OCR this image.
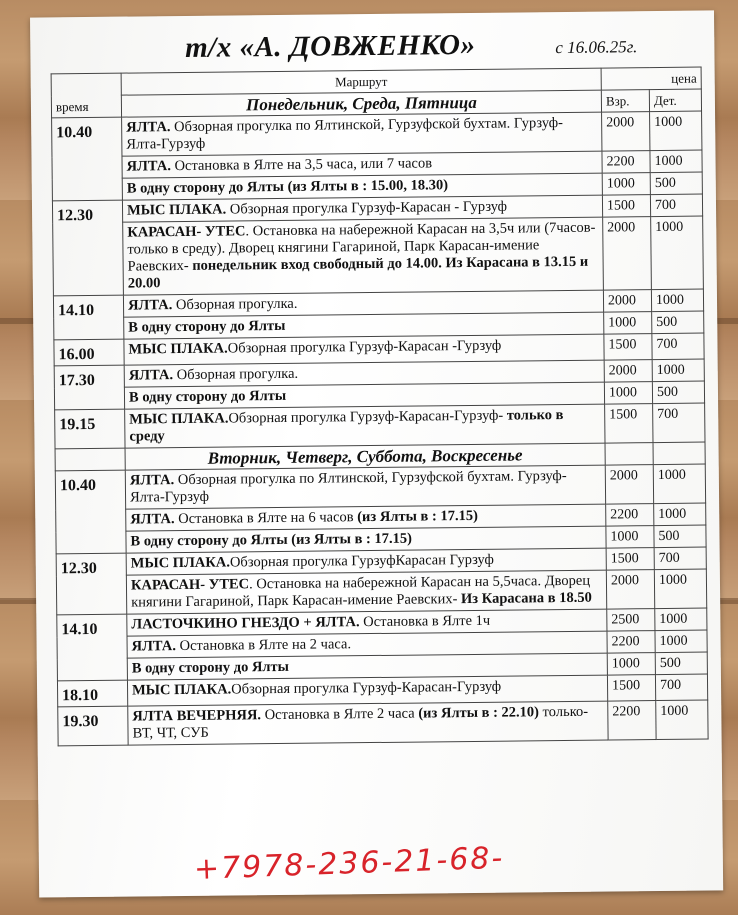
т/х «А. ДОВЖЕНКО»	с 16.06.25г.
время	Маршрут	цена	
	Понедельник, Среда, Пятница	Взр.	Дет.
10.40	ЯЛТА. Обзорная прогулка по Ялтинской, Гурзуфской бухтам. Гурзуф-Ялта-Гурзуф	2000	1000
	ЯЛТА. Остановка в Ялте на 3,5 часа, или 7 часов	2200	1000
	В одну сторону до Ялты (из Ялты в : 15.00, 18.30)	1000	500
12.30	МЫС ПЛАКА. Обзорная прогулка Гурзуф-Карасан - Гурзуф	1500	700
	КАРАСАН- УТЕС. Остановка на набережной Карасан на 3,5ч или (7часов-только в среду). Дворец княгини Гагариной, Парк Карасан-имение Раевских- понедельник вход свободный до 14.00. Из Карасана в 13.15 и 20.00	2000	1000
14.10	ЯЛТА. Обзорная прогулка.	2000	1000
	В одну сторону до Ялты	1000	500
16.00	МЫС ПЛАКА.Обзорная прогулка Гурзуф-Карасан -Гурзуф	1500	700
17.30	ЯЛТА. Обзорная прогулка.	2000	1000
	В одну сторону до Ялты	1000	500
19.15	МЫС ПЛАКА.Обзорная прогулка Гурзуф-Карасан-Гурзуф- только в среду	1500	700
	Вторник, Четверг, Суббота, Воскресенье		
10.40	ЯЛТА. Обзорная прогулка по Ялтинской, Гурзуфской бухтам. Гурзуф-Ялта-Гурзуф	2000	1000
	ЯЛТА. Остановка в Ялте на 6 часов (из Ялты в : 17.15)	2200	1000
	В одну сторону до Ялты (из Ялты в : 17.15)	1000	500
12.30	МЫС ПЛАКА.Обзорная прогулка ГурзуфКарасан Гурзуф	1500	700
	КАРАСАН- УТЕС. Остановка на набережной Карасан на 5,5часа. Дворец княгини Гагариной, Парк Карасан-имение Раевских- Из Карасана в 18.50	2000	1000
14.10	ЛАСТОЧКИНО ГНЕЗДО + ЯЛТА. Остановка в Ялте 1ч	2500	1000
	ЯЛТА. Остановка в Ялте на 2 часа.	2200	1000
	В одну сторону до Ялты	1000	500
18.10	МЫС ПЛАКА.Обзорная прогулка Гурзуф-Карасан-Гурзуф	1500	700
19.30	ЯЛТА ВЕЧЕРНЯЯ. Остановка в Ялте 2 часа (из Ялты в : 22.10) только- ВТ, ЧТ, СУБ	2200	1000
+7978-236-21-68-
